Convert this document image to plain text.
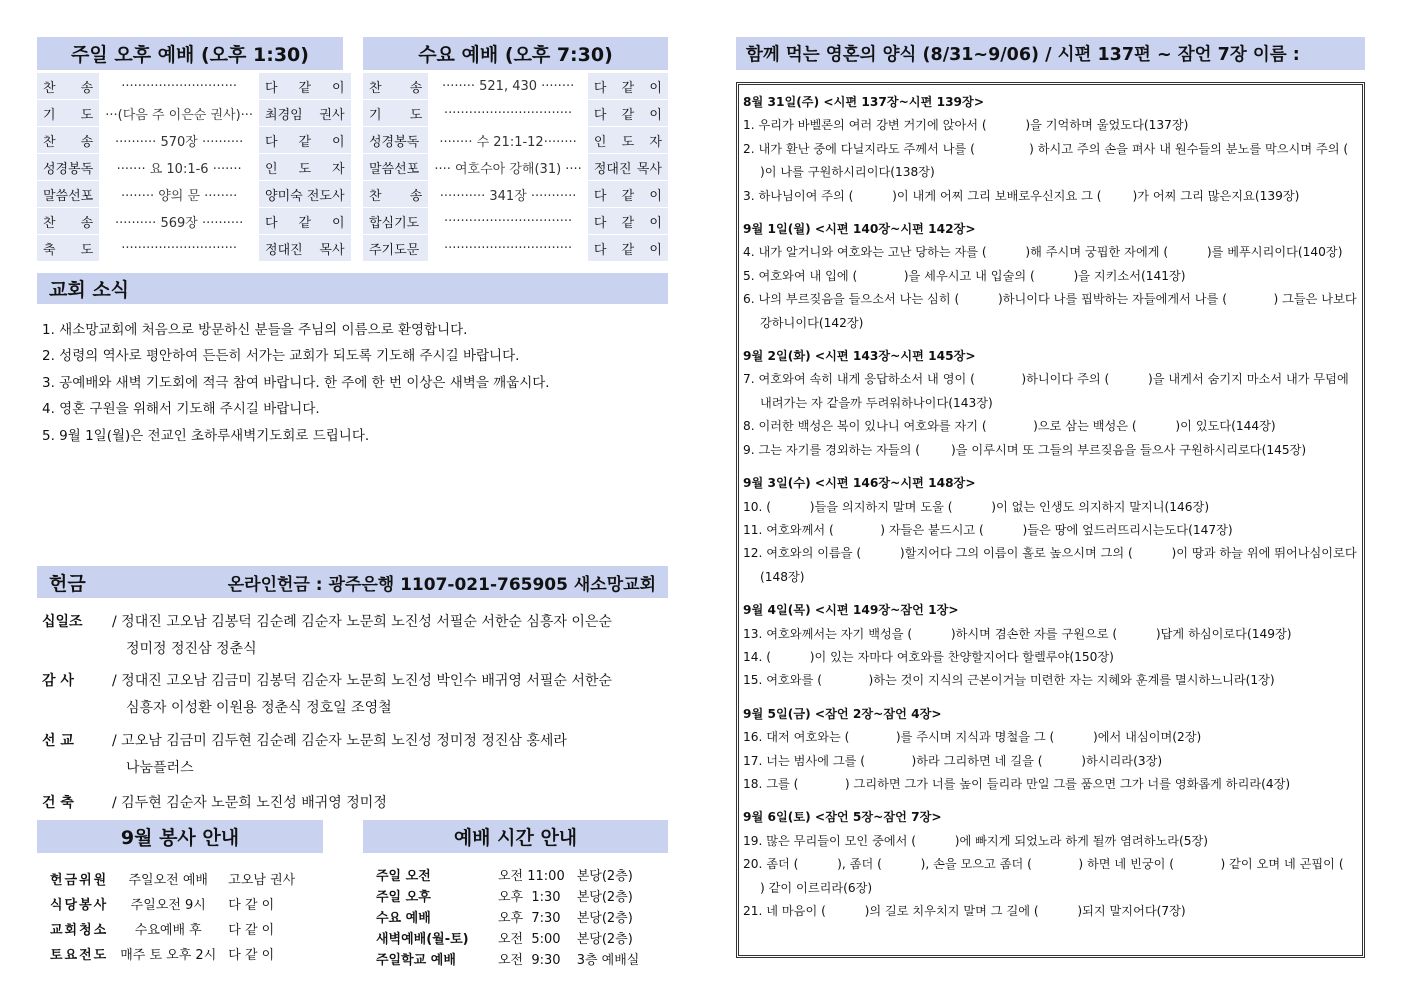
주일 오후 예배 (오후 1:30)
찬 송	····························	다 같 이
기 도	···(다음 주 이은순 권사)···	최경임 권사
찬 송	·········· 570장 ··········	다 같 이
성경봉독	······· 요 10:1-6 ·······	인 도 자
말씀선포	········ 양의 문 ········	양미숙 전도사
찬 송	·········· 569장 ··········	다 같 이
축 도	····························	정대진 목사
수요 예배 (오후 7:30)
찬 송	········ 521, 430 ········	다 같 이
기 도	·······························	다 같 이
성경봉독	········ 수 21:1-12········	인 도 자
말씀선포	···· 여호수아 강해(31) ····	정대진 목사
찬 송	··········· 341장 ···········	다 같 이
합심기도	·······························	다 같 이
주기도문	·······························	다 같 이
교회 소식
1. 새소망교회에 처음으로 방문하신 분들을 주님의 이름으로 환영합니다.
2. 성령의 역사로 평안하여 든든히 서가는 교회가 되도록 기도해 주시길 바랍니다.
3. 공예배와 새벽 기도회에 적극 참여 바랍니다. 한 주에 한 번 이상은 새벽을 깨웁시다.
4. 영혼 구원을 위해서 기도해 주시길 바랍니다.
5. 9월 1일(월)은 전교인 초하루새벽기도회로 드립니다.
헌금	온라인헌금 : 광주은행 1107-021-765905 새소망교회
십일조	/ 정대진 고오남 김봉덕 김순례 김순자 노문희 노진성 서필순 서한순 심흥자 이은순
정미정 정진삼 정춘식
감 사	/ 정대진 고오남 김금미 김봉덕 김순자 노문희 노진성 박인수 배귀영 서필순 서한순
심흥자 이성환 이원용 정춘식 정호일 조영철
선 교	/ 고오남 김금미 김두현 김순례 김순자 노문희 노진성 정미정 정진삼 홍세라
나눔플러스
건 축	/ 김두현 김순자 노문희 노진성 배귀영 정미정
9월 봉사 안내
헌금위원	주일오전 예배	고오남 권사
식당봉사	주일오전 9시	다 같 이
교회청소	수요예배 후	다 같 이
토요전도	매주 토 오후 2시	다 같 이
예배 시간 안내
주일 오전	오전 11:00	본당(2층)
주일 오후	오후  1:30	본당(2층)
수요 예배	오후  7:30	본당(2층)
새벽예배(월-토)	오전  5:00	본당(2층)
주일학교 예배	오전  9:30	3층 예배실
함께 먹는 영혼의 양식 (8/31~9/06) / 시편 137편 ~ 잠언 7장 이름 :
8월 31일(주) <시편 137장~시편 139장>
1. 우리가 바벨론의 여러 강변 거기에 앉아서 (          )을 기억하며 울었도다(137장)
2. 내가 환난 중에 다닐지라도 주께서 나를 (              ) 하시고 주의 손을 펴사 내 원수들의 분노를 막으시며 주의 (          )이 나를 구원하시리이다(138장)
3. 하나님이여 주의 (          )이 내게 어찌 그리 보배로우신지요 그 (        )가 어찌 그리 많은지요(139장)
9월 1일(월) <시편 140장~시편 142장>
4. 내가 알거니와 여호와는 고난 당하는 자를 (          )해 주시며 궁핍한 자에게 (          )를 베푸시리이다(140장)
5. 여호와여 내 입에 (            )을 세우시고 내 입술의 (          )을 지키소서(141장)
6. 나의 부르짖음을 들으소서 나는 심히 (          )하니이다 나를 핍박하는 자들에게서 나를 (            ) 그들은 나보다 강하니이다(142장)
9월 2일(화) <시편 143장~시편 145장>
7. 여호와여 속히 내게 응답하소서 내 영이 (            )하니이다 주의 (          )을 내게서 숨기지 마소서 내가 무덤에 내려가는 자 같을까 두려워하나이다(143장)
8. 이러한 백성은 복이 있나니 여호와를 자기 (            )으로 삼는 백성은 (          )이 있도다(144장)
9. 그는 자기를 경외하는 자들의 (        )을 이루시며 또 그들의 부르짖음을 들으사 구원하시리로다(145장)
9월 3일(수) <시편 146장~시편 148장>
10. (          )들을 의지하지 말며 도울 (          )이 없는 인생도 의지하지 말지니(146장)
11. 여호와께서 (            ) 자들은 붙드시고 (          )들은 땅에 엎드러뜨리시는도다(147장)
12. 여호와의 이름을 (          )할지어다 그의 이름이 홀로 높으시며 그의 (          )이 땅과 하늘 위에 뛰어나심이로다(148장)
9월 4일(목) <시편 149장~잠언 1장>
13. 여호와께서는 자기 백성을 (          )하시며 겸손한 자를 구원으로 (          )답게 하심이로다(149장)
14. (          )이 있는 자마다 여호와를 찬양할지어다 할렐루야(150장)
15. 여호와를 (            )하는 것이 지식의 근본이거늘 미련한 자는 지혜와 훈계를 멸시하느니라(1장)
9월 5일(금) <잠언 2장~잠언 4장>
16. 대저 여호와는 (            )를 주시며 지식과 명철을 그 (          )에서 내심이며(2장)
17. 너는 범사에 그를 (            )하라 그리하면 네 길을 (          )하시리라(3장)
18. 그를 (            ) 그리하면 그가 너를 높이 들리라 만일 그를 품으면 그가 너를 영화롭게 하리라(4장)
9월 6일(토) <잠언 5장~잠언 7장>
19. 많은 무리들이 모인 중에서 (          )에 빠지게 되었노라 하게 될까 염려하노라(5장)
20. 좀더 (          ), 좀더 (          ), 손을 모으고 좀더 (            ) 하면 네 빈궁이 (            ) 같이 오며 네 곤핍이 (          ) 같이 이르리라(6장)
21. 네 마음이 (          )의 길로 치우치지 말며 그 길에 (          )되지 말지어다(7장)
